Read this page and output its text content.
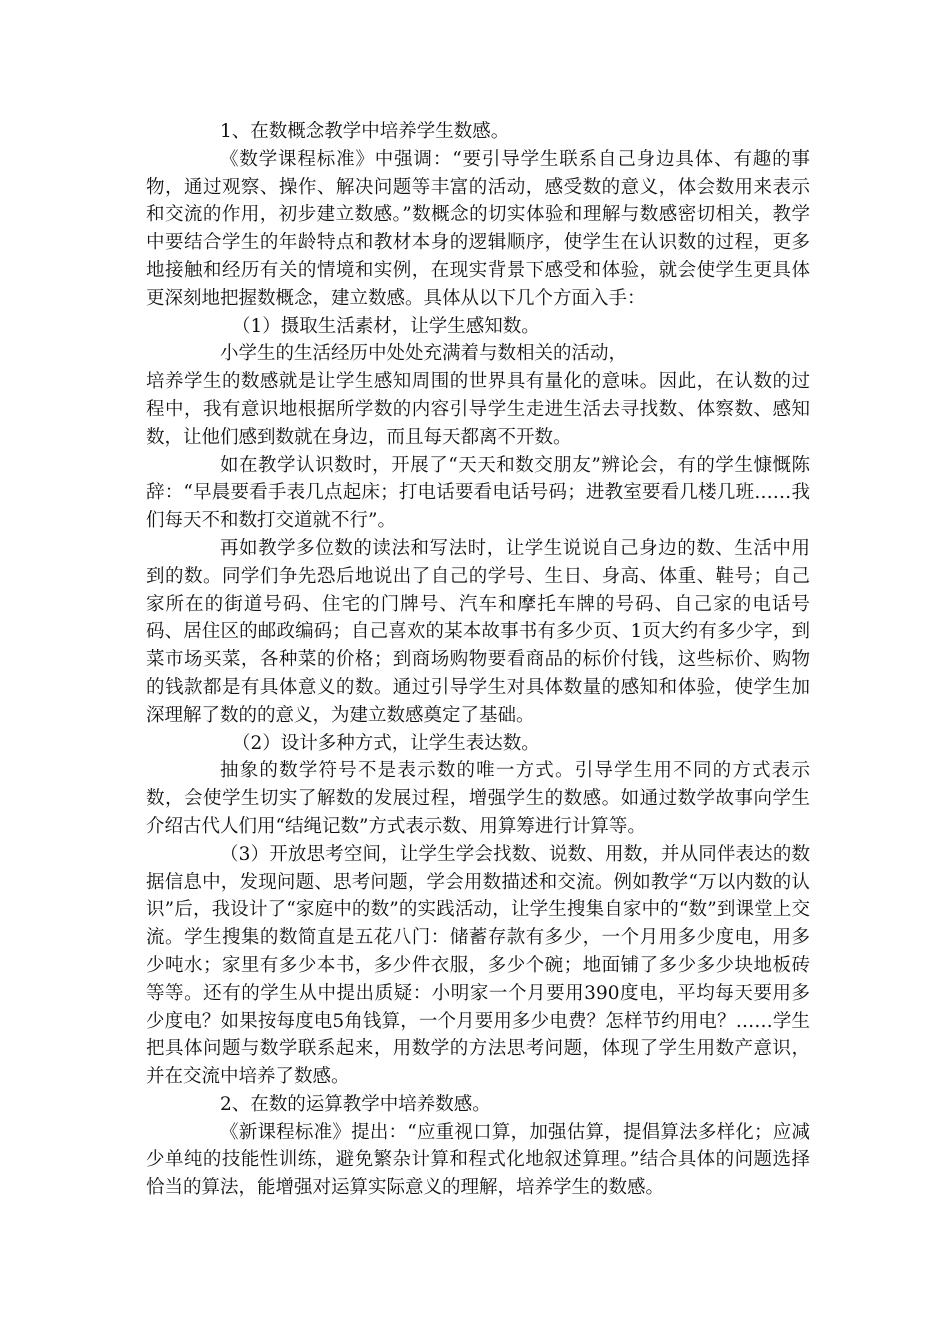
1、在数概念教学中培养学生数感。

《数学课程标准》中强调：“要引导学生联系自己身边具体、有趣的事物，通过观察、操作、解决问题等丰富的活动，感受数的意义，体会数用来表示和交流的作用，初步建立数感。”数概念的切实体验和理解与数感密切相关，教学中要结合学生的年龄特点和教材本身的逻辑顺序，使学生在认识数的过程，更多地接触和经历有关的情境和实例，在现实背景下感受和体验，就会使学生更具体更深刻地把握数概念，建立数感。具体从以下几个方面入手：

（1）摄取生活素材，让学生感知数。

小学生的生活经历中处处充满着与数相关的活动，

培养学生的数感就是让学生感知周围的世界具有量化的意味。因此，在认数的过程中，我有意识地根据所学数的内容引导学生走进生活去寻找数、体察数、感知数，让他们感到数就在身边，而且每天都离不开数。

如在教学认识数时，开展了“天天和数交朋友”辨论会，有的学生慷慨陈辞：“早晨要看手表几点起床；打电话要看电话号码；进教室要看几楼几班……我们每天不和数打交道就不行”。

再如教学多位数的读法和写法时，让学生说说自己身边的数、生活中用到的数。同学们争先恐后地说出了自己的学号、生日、身高、体重、鞋号；自己家所在的街道号码、住宅的门牌号、汽车和摩托车牌的号码、自己家的电话号码、居住区的邮政编码；自己喜欢的某本故事书有多少页、1页大约有多少字，到菜市场买菜，各种菜的价格；到商场购物要看商品的标价付钱，这些标价、购物的钱款都是有具体意义的数。通过引导学生对具体数量的感知和体验，使学生加深理解了数的的意义，为建立数感奠定了基础。

（2）设计多种方式，让学生表达数。

抽象的数学符号不是表示数的唯一方式。引导学生用不同的方式表示数，会使学生切实了解数的发展过程，增强学生的数感。如通过数学故事向学生介绍古代人们用“结绳记数”方式表示数、用算筹进行计算等。

（3）开放思考空间，让学生学会找数、说数、用数，并从同伴表达的数据信息中，发现问题、思考问题，学会用数描述和交流。例如教学“万以内数的认识”后，我设计了“家庭中的数”的实践活动，让学生搜集自家中的“数”到课堂上交流。学生搜集的数简直是五花八门：储蓄存款有多少，一个月用多少度电，用多少吨水；家里有多少本书，多少件衣服，多少个碗；地面铺了多少多少块地板砖等等。还有的学生从中提出质疑：小明家一个月要用390度电，平均每天要用多少度电？如果按每度电5角钱算，一个月要用多少电费？怎样节约用电？……学生把具体问题与数学联系起来，用数学的方法思考问题，体现了学生用数产意识，并在交流中培养了数感。

2、在数的运算教学中培养数感。

《新课程标准》提出：“应重视口算，加强估算，提倡算法多样化；应减少单纯的技能性训练，避免繁杂计算和程式化地叙述算理。”结合具体的问题选择恰当的算法，能增强对运算实际意义的理解，培养学生的数感。
